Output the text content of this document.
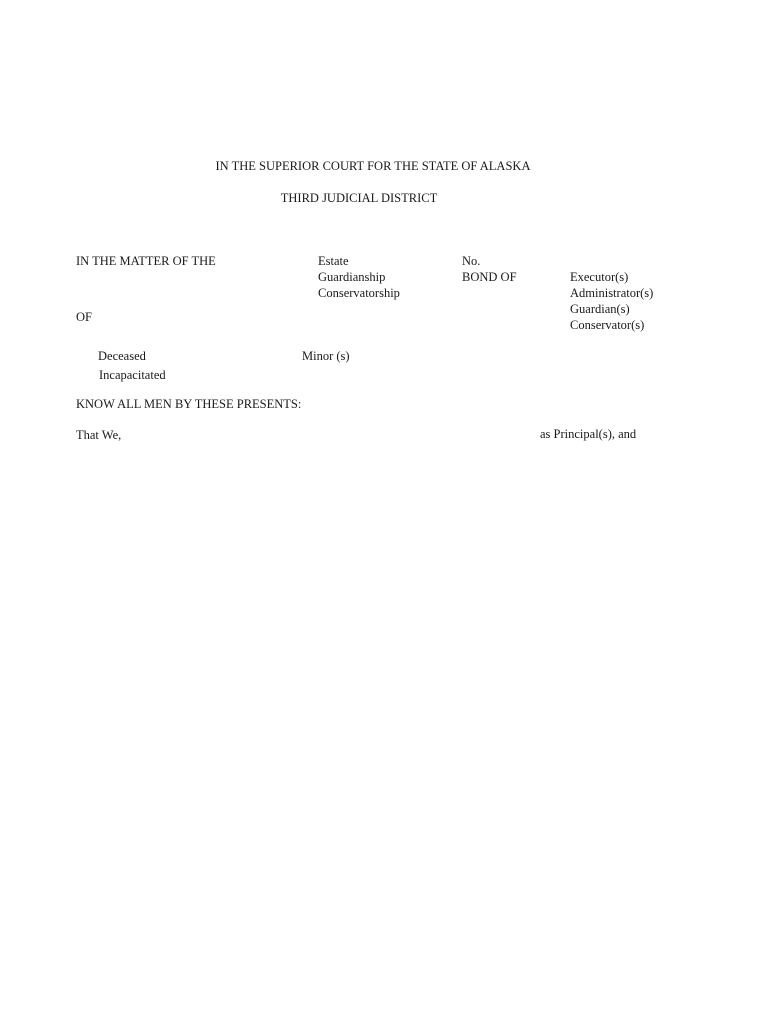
IN THE SUPERIOR COURT FOR THE STATE OF ALASKA
THIRD JUDICIAL DISTRICT
IN THE MATTER OF THE
OF
Estate
Guardianship
Conservatorship
No.
BOND OF	Executor(s)
Administrator(s)
Guardian(s)
Conservator(s)
Deceased
Incapacitated
Minor (s)
KNOW ALL MEN BY THESE PRESENTS:
That We,	as Principal(s), and
